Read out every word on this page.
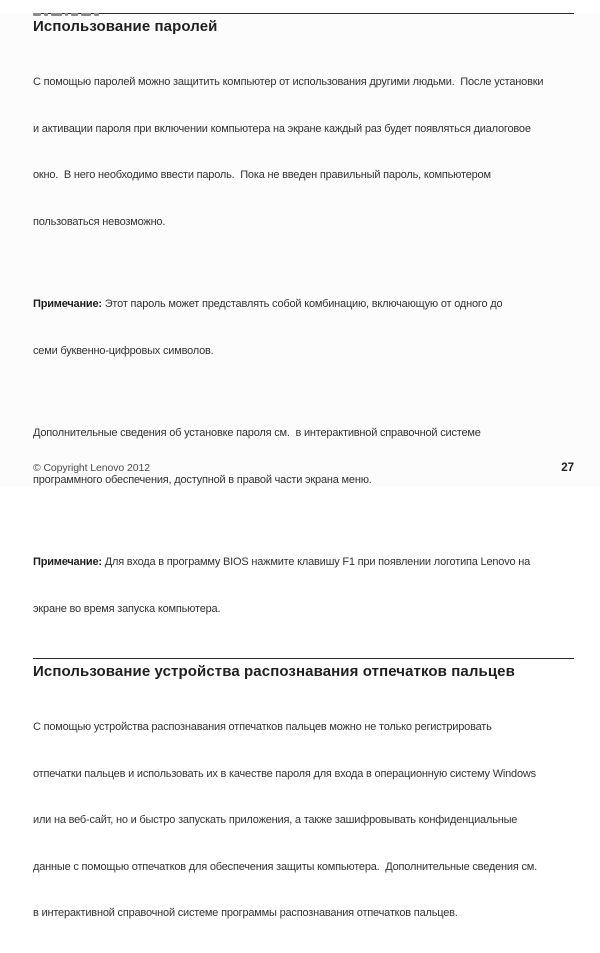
Использование паролей

С помощью паролей можно защитить компьютер от использования другими людьми.  После установки

и активации пароля при включении компьютера на экране каждый раз будет появляться диалоговое

окно.  В него необходимо ввести пароль.  Пока не введен правильный пароль, компьютером

пользоваться невозможно.

Примечание: Этот пароль может представлять собой комбинацию, включающую от одного до

семи буквенно-цифровых символов.

Дополнительные сведения об установке пароля см.  в интерактивной справочной системе

программного обеспечения, доступной в правой части экрана меню.

Примечание: Для входа в программу BIOS нажмите клавишу F1 при появлении логотипа Lenovo на

экране во время запуска компьютера.

Использование устройства распознавания отпечатков пальцев

С помощью устройства распознавания отпечатков пальцев можно не только регистрировать

отпечатки пальцев и использовать их в качестве пароля для входа в операционную систему Windows

или на веб-сайт, но и быстро запускать приложения, а также зашифровывать конфиденциальные

данные с помощью отпечатков для обеспечения защиты компьютера.  Дополнительные сведения см.

в интерактивной справочной системе программы распознавания отпечатков пальцев.

© Copyright Lenovo 2012	27
